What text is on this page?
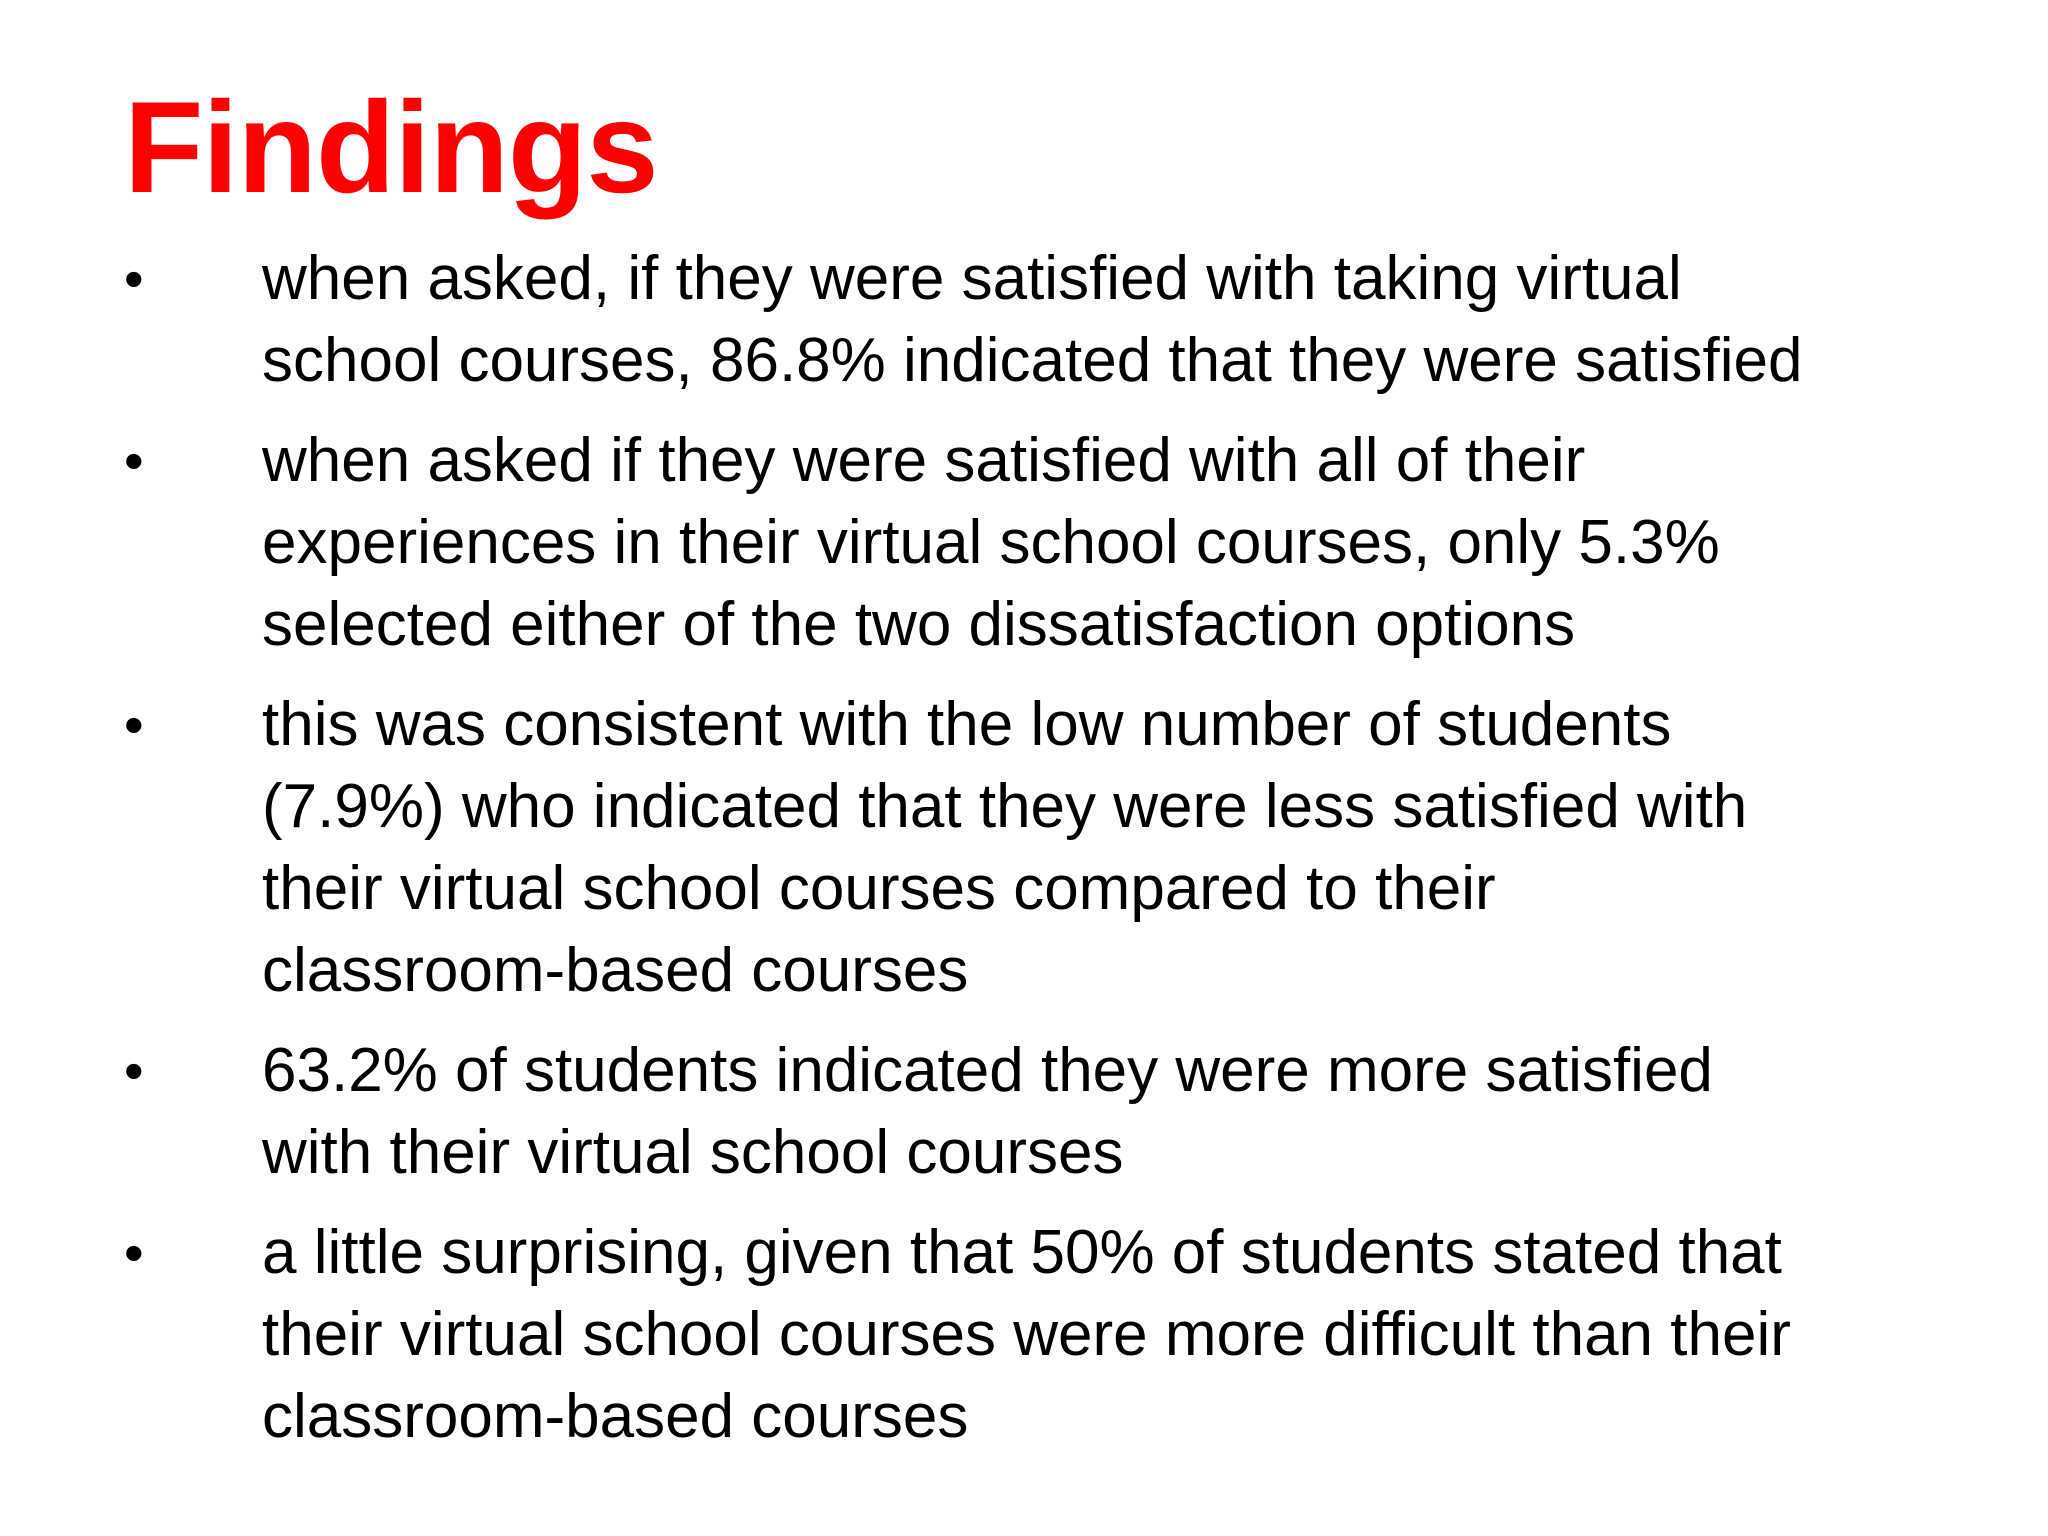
Findings
•	when asked, if they were satisfied with taking virtual
school courses, 86.8% indicated that they were satisfied
•	when asked if they were satisfied with all of their
experiences in their virtual school courses, only 5.3%
selected either of the two dissatisfaction options
•	this was consistent with the low number of students
(7.9%) who indicated that they were less satisfied with
their virtual school courses compared to their
classroom-based courses
•	63.2% of students indicated they were more satisfied
with their virtual school courses
•	a little surprising, given that 50% of students stated that
their virtual school courses were more difficult than their
classroom-based courses
